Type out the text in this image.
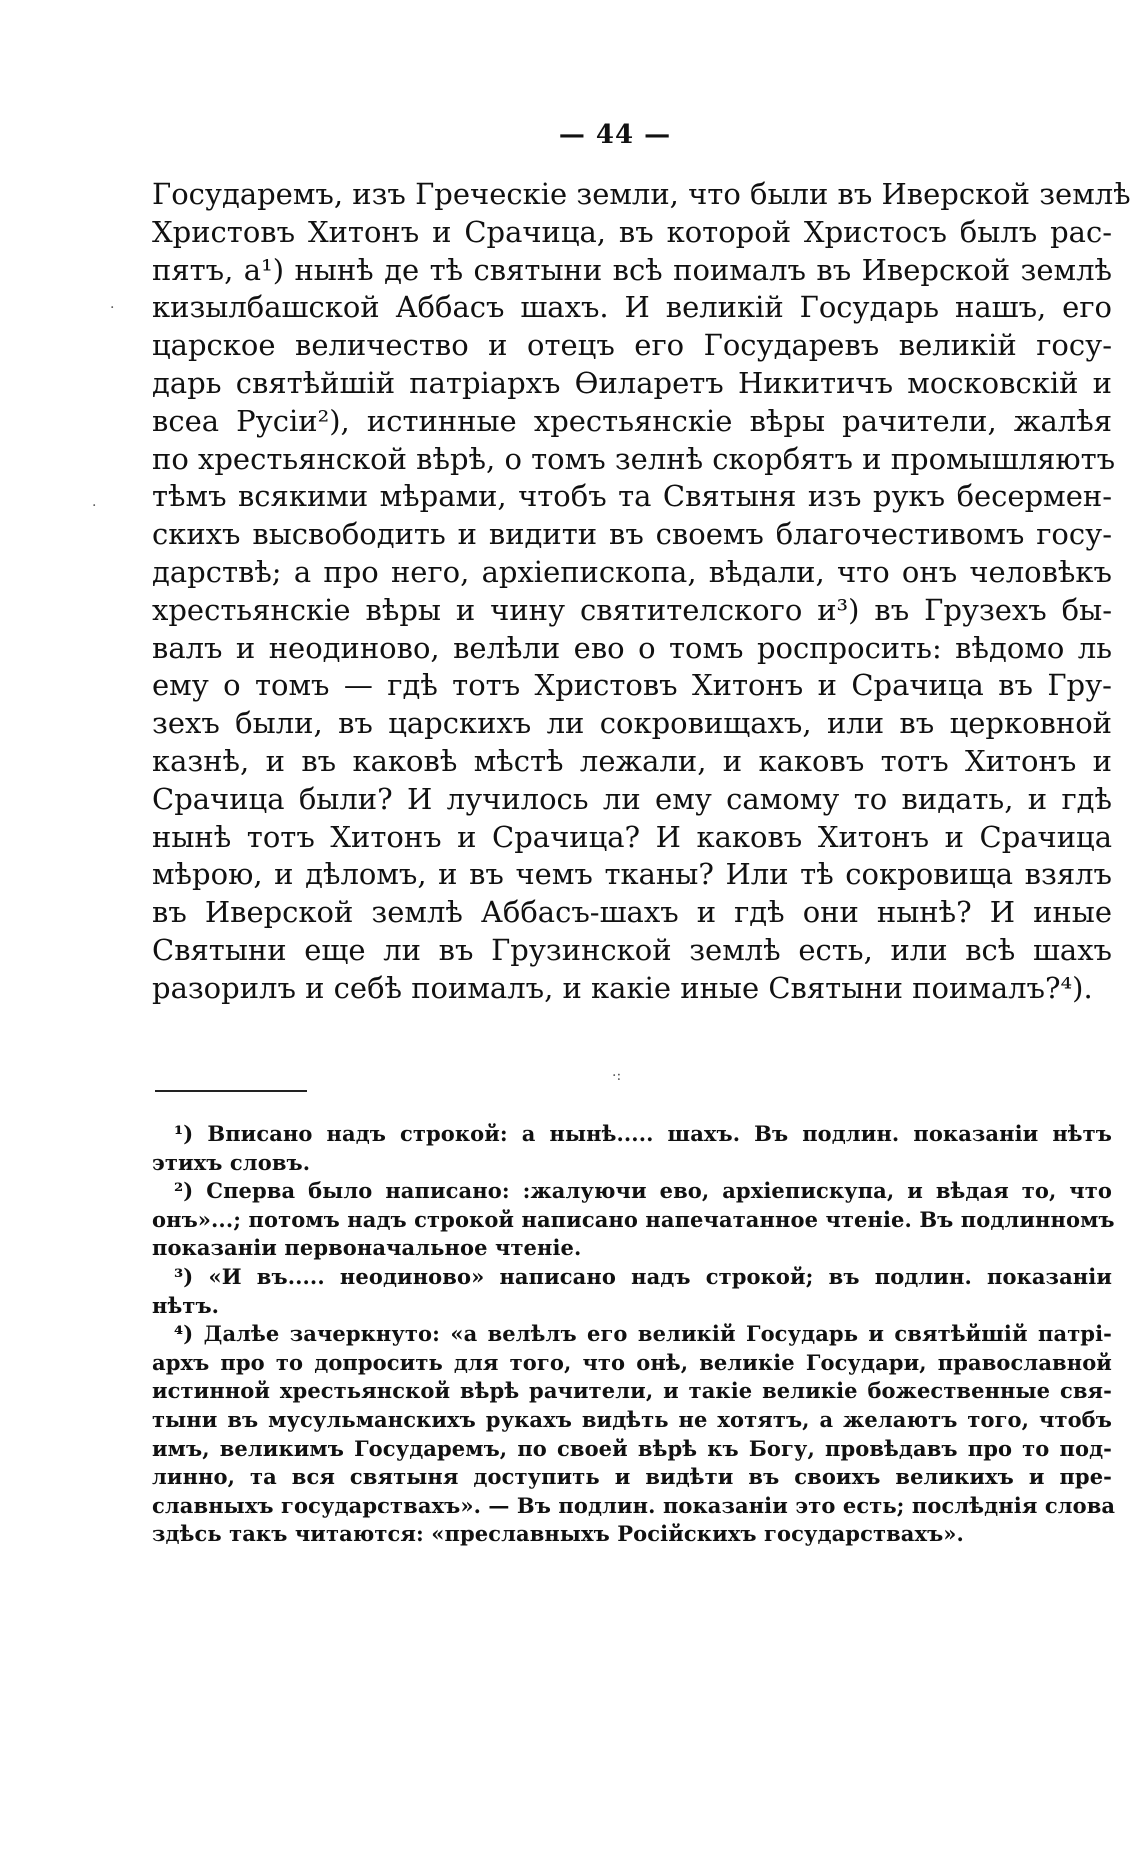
— 44 —
Государемъ, изъ Греческiе земли, что были въ Иверской землѣ
Христовъ Хитонъ и Срачица, въ которой Христосъ былъ рас-
пятъ, а¹) нынѣ де тѣ святыни всѣ поималъ въ Иверской землѣ
кизылбашской Аббасъ шахъ. И великiй Государь нашъ, его
царское величество и отецъ его Государевъ великiй госу-
дарь святѣйшiй патрiархъ Ѳиларетъ Никитичъ московскiй и
всеа Русiи²), истинные хрестьянскiе вѣры рачители, жалѣя
по хрестьянской вѣрѣ, о томъ зелнѣ скорбятъ и промышляютъ
тѣмъ всякими мѣрами, чтобъ та Святыня изъ рукъ бесермен-
скихъ высвободить и видити въ своемъ благочестивомъ госу-
дарствѣ; а про него, архiепископа, вѣдали, что онъ человѣкъ
хрестьянскiе вѣры и чину святителского и³) въ Грузехъ бы-
валъ и неодиново, велѣли ево о томъ роспросить: вѣдомо ль
ему о томъ — гдѣ тотъ Христовъ Хитонъ и Срачица въ Гру-
зехъ были, въ царскихъ ли сокровищахъ, или въ церковной
казнѣ, и въ каковѣ мѣстѣ лежали, и каковъ тотъ Хитонъ и
Срачица были? И лучилось ли ему самому то видать, и гдѣ
нынѣ тотъ Хитонъ и Срачица? И каковъ Хитонъ и Срачица
мѣрою, и дѣломъ, и въ чемъ тканы? Или тѣ сокровища взялъ
въ Иверской землѣ Аббасъ-шахъ и гдѣ они нынѣ? И иные
Святыни еще ли въ Грузинской землѣ есть, или всѣ шахъ
разорилъ и себѣ поималъ, и какiе иные Святыни поималъ?⁴).
¹) Вписано надъ строкой: а нынѣ..... шахъ. Въ подлин. показанiи нѣтъ
этихъ словъ.
²) Сперва было написано: :жалуючи ево, архiепискупа, и вѣдая то, что
онъ»...; потомъ надъ строкой написано напечатанное чтенiе. Въ подлинномъ
показанiи первоначальное чтенiе.
³) «И въ..... неодиново» написано надъ строкой; въ подлин. показанiи
нѣтъ.
⁴) Далѣе зачеркнуто: «а велѣлъ его великiй Государь и святѣйшiй патрi-
архъ про то допросить для того, что онѣ, великiе Государи, православной
истинной хрестьянской вѣрѣ рачители, и такiе великiе божественные свя-
тыни въ мусульманскихъ рукахъ видѣть не хотятъ, а желаютъ того, чтобъ
имъ, великимъ Государемъ, по своей вѣрѣ къ Богу, провѣдавъ про то под-
линно, та вся святыня доступить и видѣти въ своихъ великихъ и пре-
славныхъ государствахъ». — Въ подлин. показанiи это есть; послѣднiя слова
здѣсь такъ читаются: «преславныхъ Росiйскихъ государствахъ».
·
·
·:
